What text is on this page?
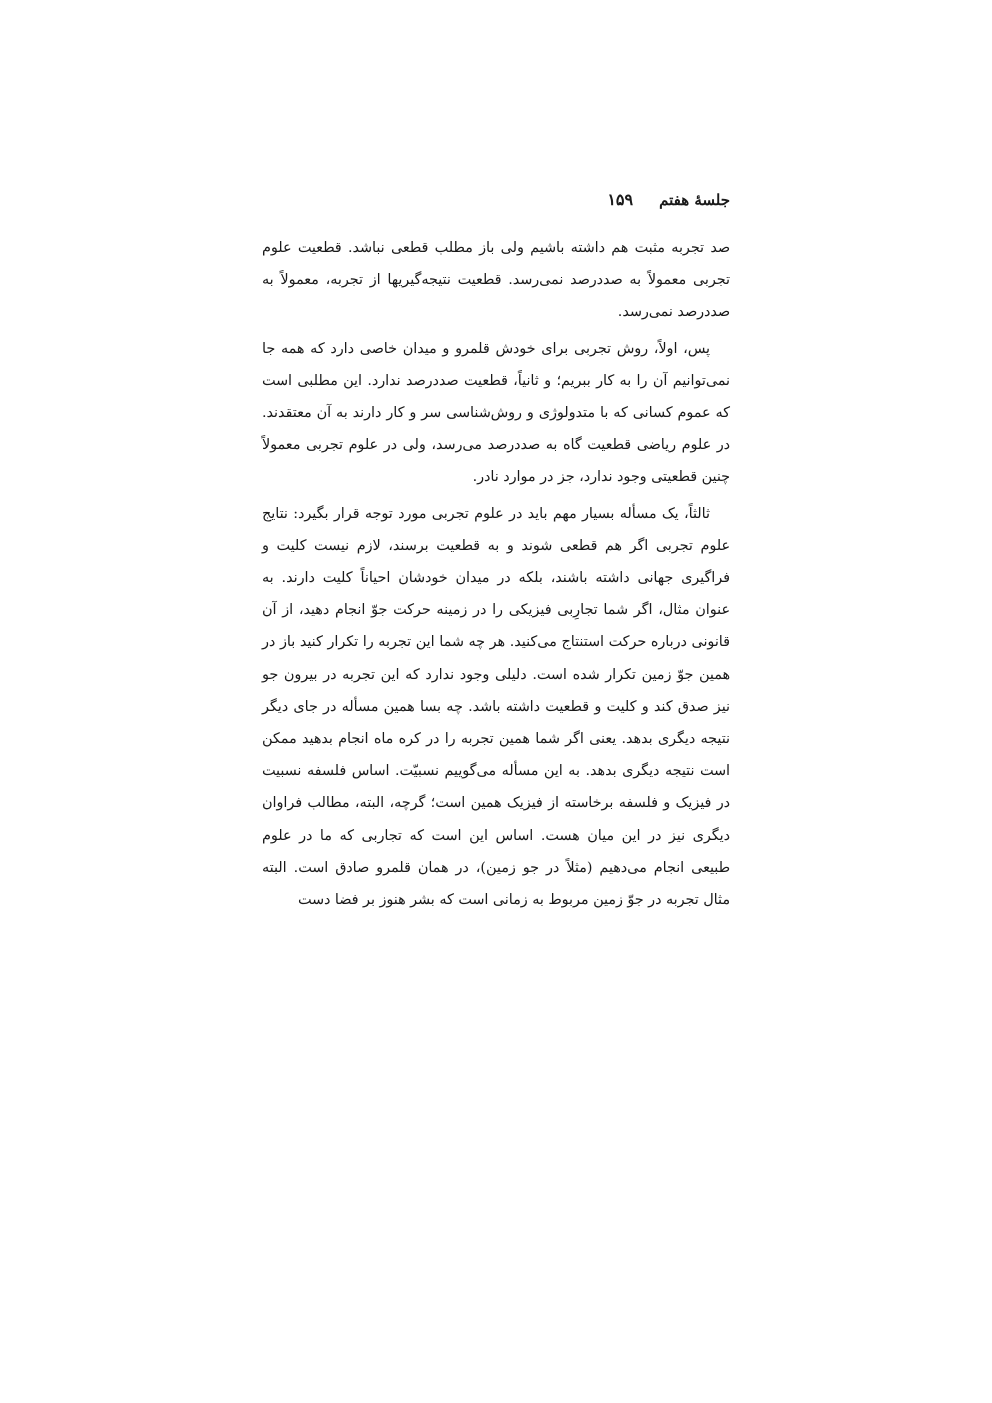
جلسهٔ هفتم
۱۵۹

صد تجربه مثبت هم داشته باشیم ولی باز مطلب قطعی نباشد. قطعیت علوم تجربی معمولاً به صددرصد نمی‌رسد. قطعیت نتیجه‌گیریها از تجربه، معمولاً به صددرصد نمی‌رسد.

پس، اولاً، روش تجربی برای خودش قلمرو و میدان خاصی دارد که همه جا نمی‌توانیم آن را به کار ببریم؛ و ثانیاً، قطعیت صددرصد ندارد. این مطلبی است که عموم کسانی که با متدولوژی و روش‌شناسی سر و کار دارند به آن معتقدند. در علوم ریاضی قطعیت گاه به صددرصد می‌رسد، ولی در علوم تجربی معمولاً چنین قطعیتی وجود ندارد، جز در موارد نادر.

ثالثاً، یک مسأله بسیار مهم باید در علوم تجربی مورد توجه قرار بگیرد: نتایج علوم تجربی اگر هم قطعی شوند و به قطعیت برسند، لازم نیست کلیت و فراگیری جهانی داشته باشند، بلکه در میدان خودشان احیاناً کلیت دارند. به عنوان مثال، اگر شما تجارِبی فیزیکی را در زمینه حرکت جوّ انجام دهید، از آن قانونی درباره حرکت استنتاج می‌کنید. هر چه شما این تجربه را تکرار کنید باز در همین جوّ زمین تکرار شده است. دلیلی وجود ندارد که این تجربه در بیرون جو نیز صدق کند و کلیت و قطعیت داشته باشد. چه بسا همین مسأله در جای دیگر نتیجه دیگری بدهد. یعنی اگر شما همین تجربه را در کره ماه انجام بدهید ممکن است نتیجه دیگری بدهد. به این مسأله می‌گوییم نسبیّت. اساس فلسفه نسبیت در فیزیک و فلسفه برخاسته از فیزیک همین است؛ گرچه، البته، مطالب فراوان دیگری نیز در این میان هست. اساس این است که تجاربی که ما در علوم طبیعی انجام می‌دهیم (مثلاً در جو زمین)، در همان قلمرو صادق است. البته مثال تجربه در جوّ زمین مربوط به زمانی است که بشر هنوز بر فضا دست
